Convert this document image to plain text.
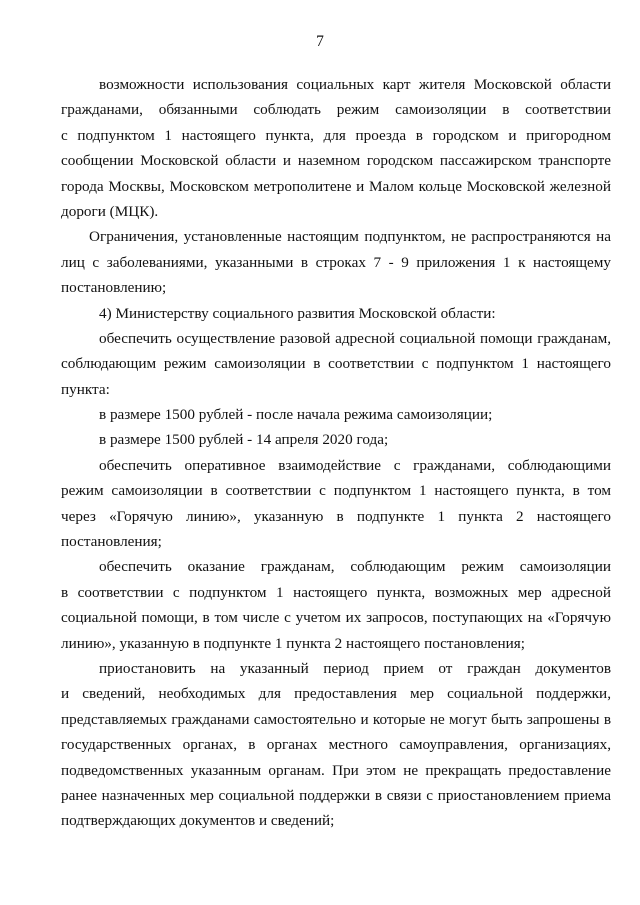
7
возможности использования социальных карт жителя Московской области
гражданами, обязанными соблюдать режим самоизоляции в соответствии
с подпунктом 1 настоящего пункта, для проезда в городском и пригородном
сообщении Московской области и наземном городском пассажирском транспорте
города Москвы, Московском метрополитене и Малом кольце Московской железной
дороги (МЦК).
Ограничения, установленные настоящим подпунктом, не распространяются на
лиц с заболеваниями, указанными в строках 7 - 9 приложения 1 к настоящему
постановлению;
4) Министерству социального развития Московской области:
обеспечить осуществление разовой адресной социальной помощи гражданам,
соблюдающим режим самоизоляции в соответствии с подпунктом 1 настоящего
пункта:
в размере 1500 рублей - после начала режима самоизоляции;
в размере 1500 рублей - 14 апреля 2020 года;
обеспечить оперативное взаимодействие с гражданами, соблюдающими
режим самоизоляции в соответствии с подпунктом 1 настоящего пункта, в том
через «Горячую линию», указанную в подпункте 1 пункта 2 настоящего
постановления;
обеспечить оказание гражданам, соблюдающим режим самоизоляции
в соответствии с подпунктом 1 настоящего пункта, возможных мер адресной
социальной помощи, в том числе с учетом их запросов, поступающих на «Горячую
линию», указанную в подпункте 1 пункта 2 настоящего постановления;
приостановить на указанный период прием от граждан документов
и сведений, необходимых для предоставления мер социальной поддержки,
представляемых гражданами самостоятельно и которые не могут быть запрошены в
государственных органах, в органах местного самоуправления, организациях,
подведомственных указанным органам. При этом не прекращать предоставление
ранее назначенных мер социальной поддержки в связи с приостановлением приема
подтверждающих документов и сведений;
